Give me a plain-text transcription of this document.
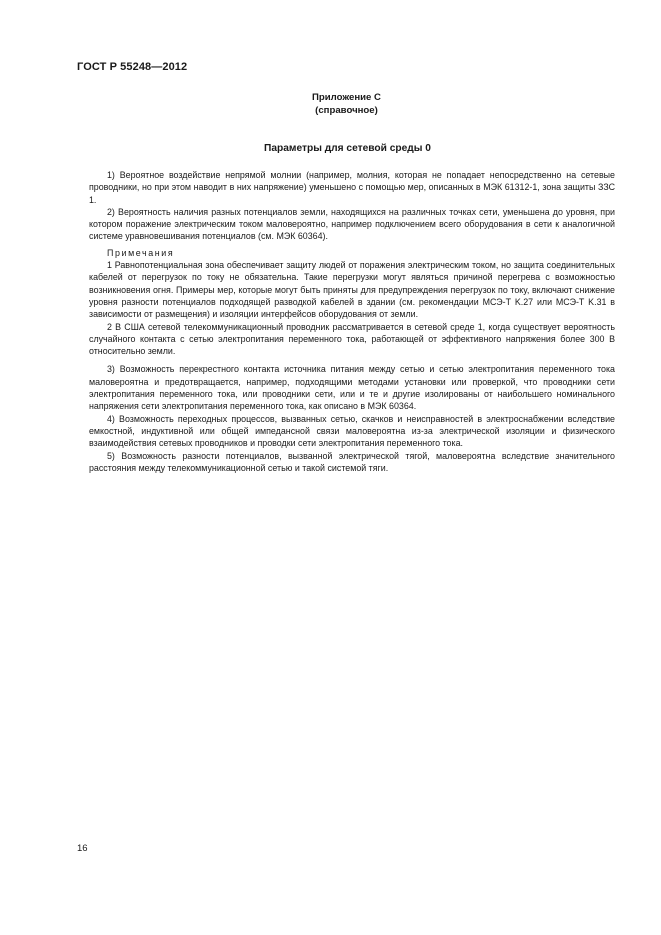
ГОСТ Р 55248—2012
Приложение С
(справочное)
Параметры для сетевой среды 0

1) Вероятное воздействие непрямой молнии (например, молния, которая не попадает непосредственно на сетевые проводники, но при этом наводит в них напряжение) уменьшено с помощью мер, описанных в МЭК 61312-1, зона защиты ЗЗС 1.

2) Вероятность наличия разных потенциалов земли, находящихся на различных точках сети, уменьшена до уровня, при котором поражение электрическим током маловероятно, например подключением всего оборудования в сети к аналогичной системе уравновешивания потенциалов (см. МЭК 60364).

Примечания

1 Равнопотенциальная зона обеспечивает защиту людей от поражения электрическим током, но защита соединительных кабелей от перегрузок по току не обязательна. Такие перегрузки могут являться причиной перегрева с возможностью возникновения огня. Примеры мер, которые могут быть приняты для предупреждения перегрузок по току, включают снижение уровня разности потенциалов подходящей разводкой кабелей в здании (см. рекомендации МСЭ-Т K.27 или МСЭ-Т K.31 в зависимости от размещения) и изоляции интерфейсов оборудования от земли.

2 В США сетевой телекоммуникационный проводник рассматривается в сетевой среде 1, когда существует вероятность случайного контакта с сетью электропитания переменного тока, работающей от эффективного напряжения более 300 В относительно земли.

3) Возможность перекрестного контакта источника питания между сетью и сетью электропитания переменного тока маловероятна и предотвращается, например, подходящими методами установки или проверкой, что проводники сети электропитания переменного тока, или проводники сети, или и те и другие изолированы от наибольшего номинального напряжения сети электропитания переменного тока, как описано в МЭК 60364.

4) Возможность переходных процессов, вызванных сетью, скачков и неисправностей в электроснабжении вследствие емкостной, индуктивной или общей импедансной связи маловероятна из-за электрической изоляции и физического взаимодействия сетевых проводников и проводки сети электропитания переменного тока.

5) Возможность разности потенциалов, вызванной электрической тягой, маловероятна вследствие значительного расстояния между телекоммуникационной сетью и такой системой тяги.

16
